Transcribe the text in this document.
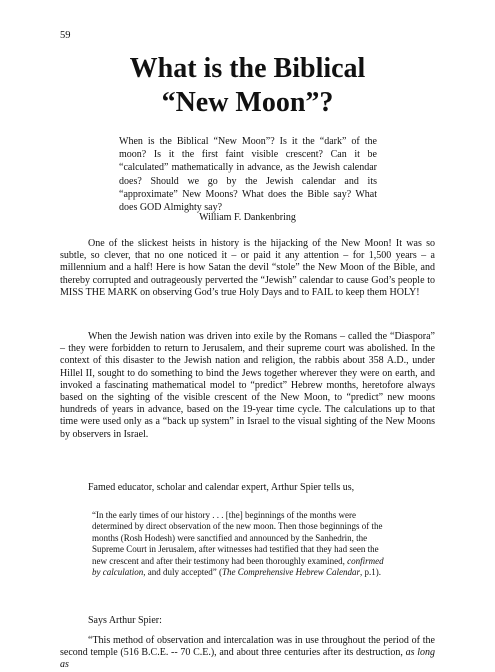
59
What is the Biblical
“New Moon”?

When is the Biblical “New Moon”? Is it the “dark” of the moon? Is it the first faint visible crescent? Can it be “calculated” mathematically in advance, as the Jewish calendar does? Should we go by the Jewish calendar and its “approximate” New Moons? What does the Bible say? What does GOD Almighty say?

William F. Dankenbring

One of the slickest heists in history is the hijacking of the New Moon! It was so subtle, so clever, that no one noticed it – or paid it any attention – for 1,500 years – a millennium and a half! Here is how Satan the devil “stole” the New Moon of the Bible, and thereby corrupted and outrageously perverted the “Jewish” calendar to cause God’s people to MISS THE MARK on observing God’s true Holy Days and to FAIL to keep them HOLY!

When the Jewish nation was driven into exile by the Romans – called the “Diaspora” – they were forbidden to return to Jerusalem, and their supreme court was abolished. In the context of this disaster to the Jewish nation and religion, the rabbis about 358 A.D., under Hillel II, sought to do something to bind the Jews together wherever they were on earth, and invoked a fascinating mathematical model to “predict” Hebrew months, heretofore always based on the sighting of the visible crescent of the New Moon, to “predict” new moons hundreds of years in advance, based on the 19-year time cycle. The calculations up to that time were used only as a “back up system” in Israel to the visual sighting of the New Moons by observers in Israel.

Famed educator, scholar and calendar expert, Arthur Spier tells us,

“In the early times of our history . . . [the] beginnings of the months were determined by direct observation of the new moon. Then those beginnings of the months (Rosh Hodesh) were sanctified and announced by the Sanhedrin, the Supreme Court in Jerusalem, after witnesses had testified that they had seen the new crescent and after their testimony had been thoroughly examined, confirmed by calculation, and duly accepted” (The Comprehensive Hebrew Calendar, p.1).

Says Arthur Spier:

“This method of observation and intercalation was in use throughout the period of the second temple (516 B.C.E. -- 70 C.E.), and about three centuries after its destruction, as long as
